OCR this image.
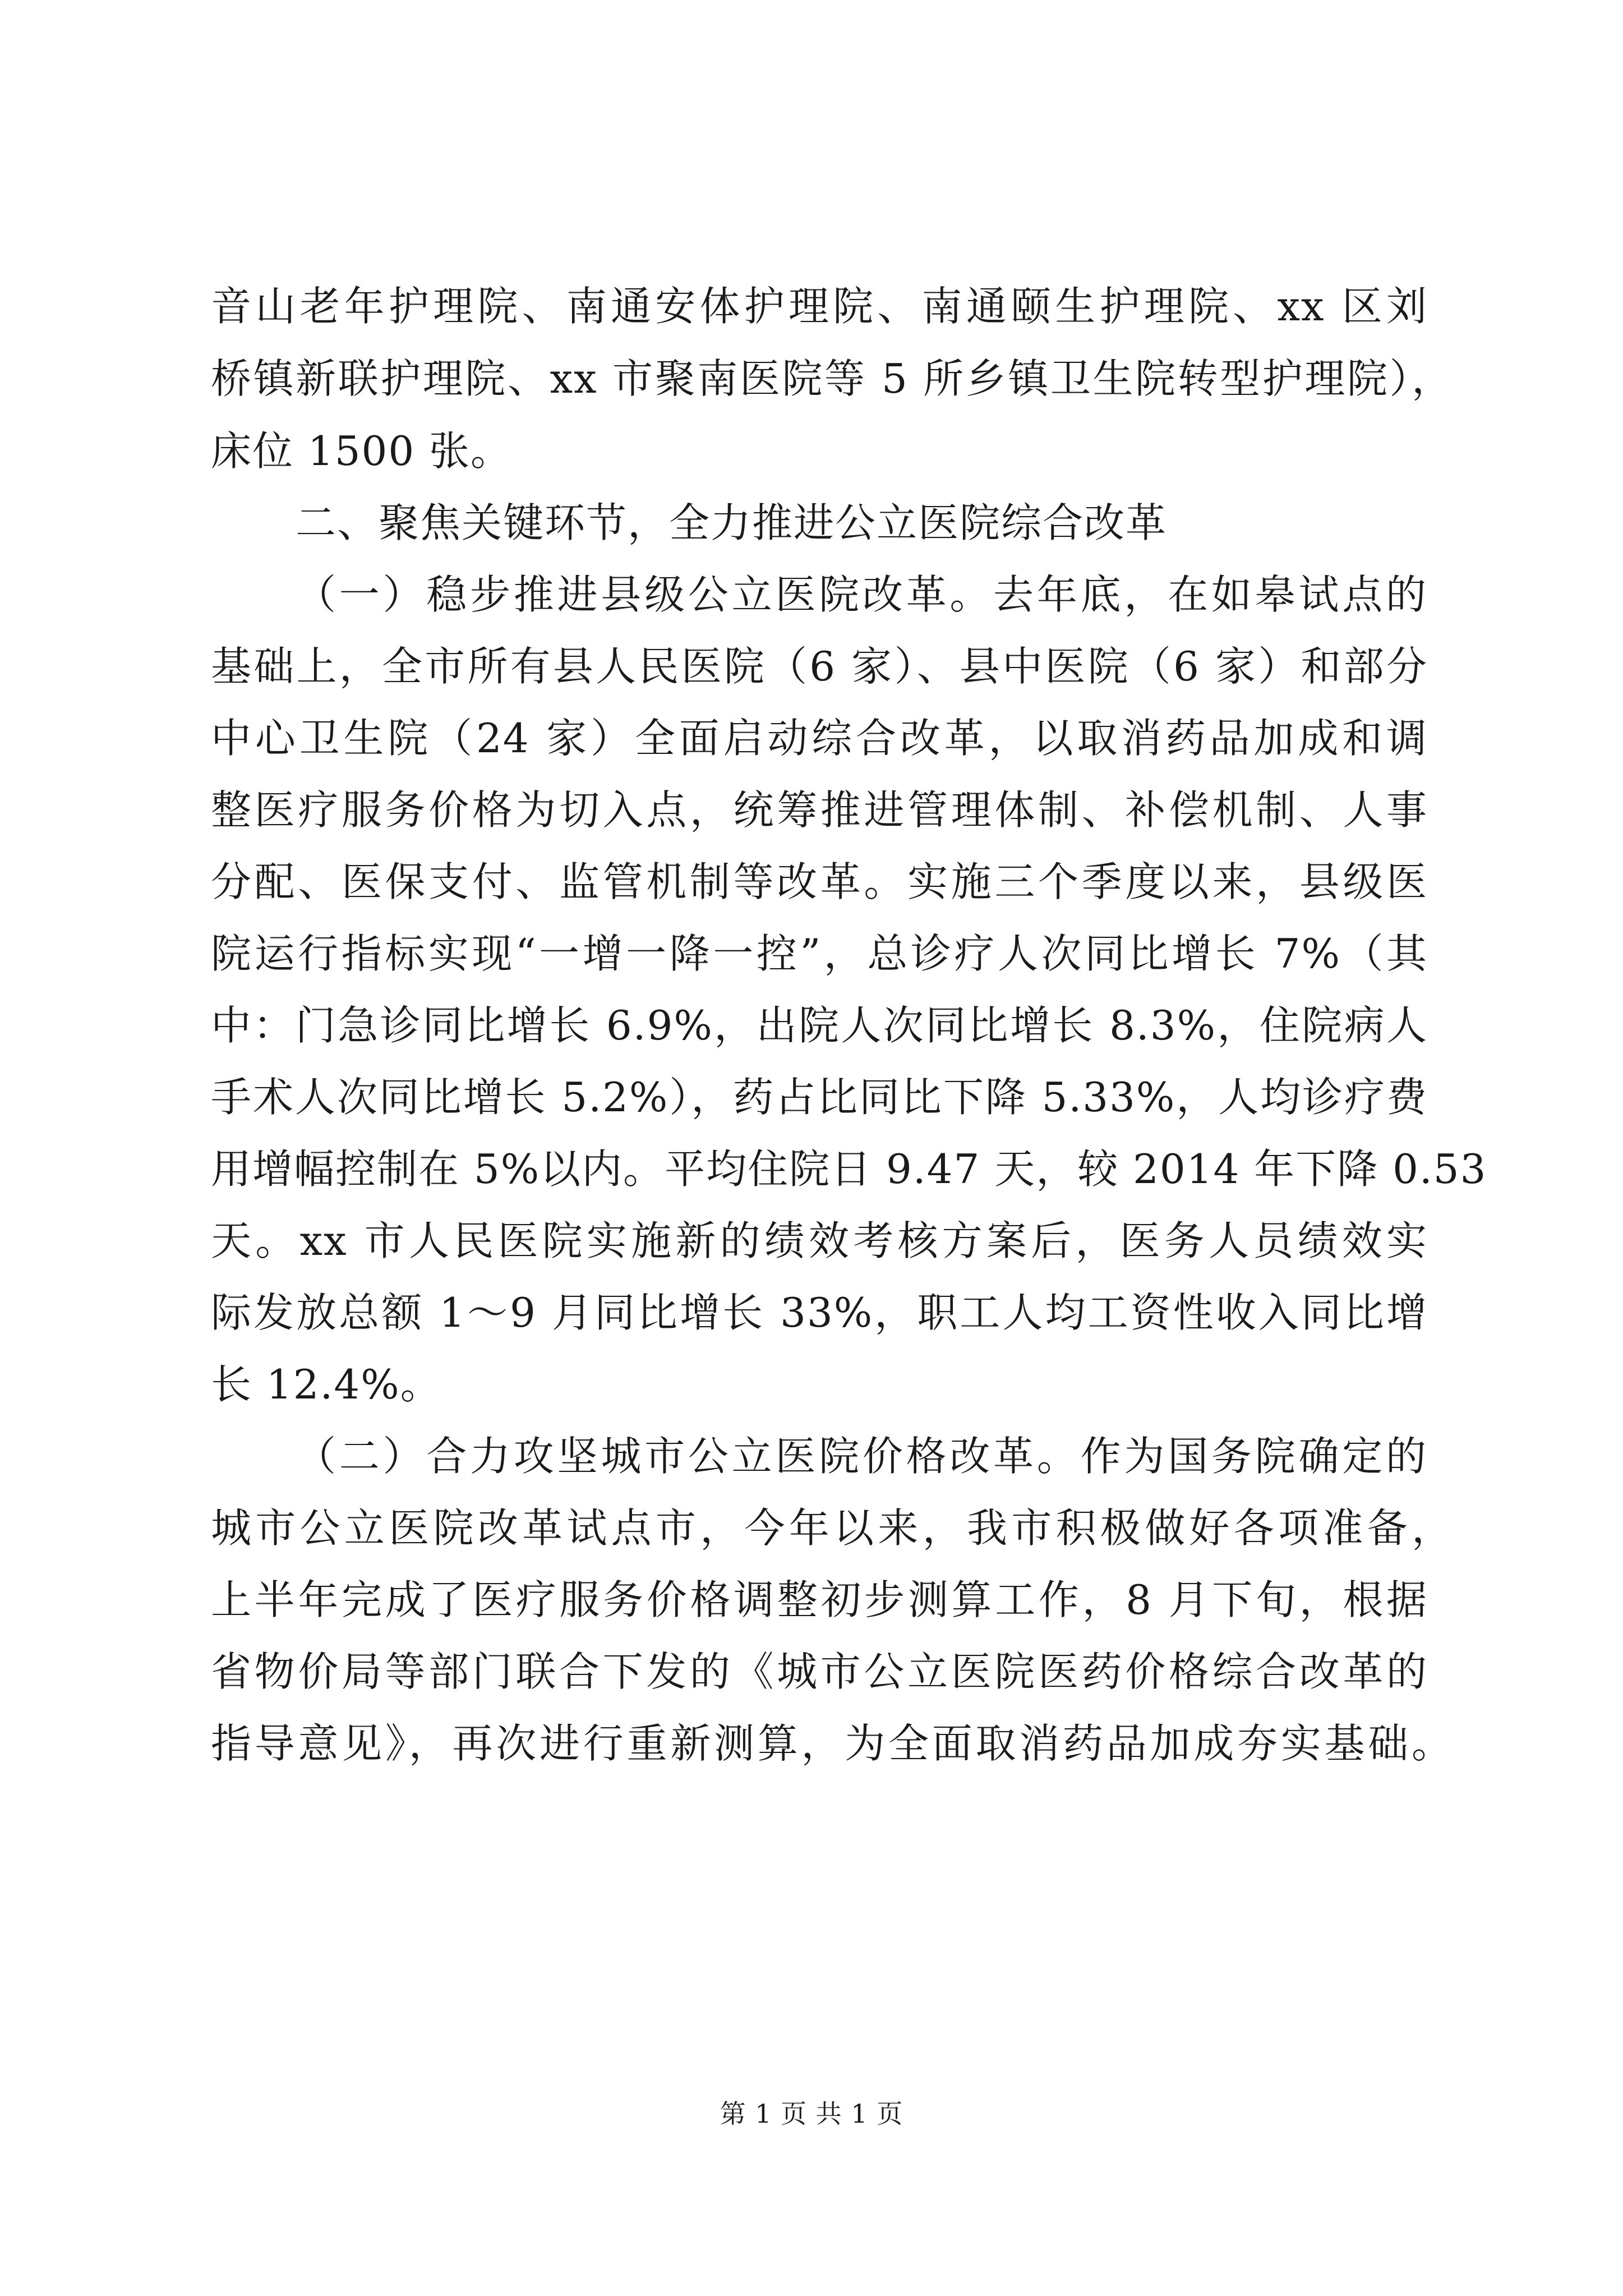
音山老年护理院、南通安体护理院、南通颐生护理院、xx 区刘

桥镇新联护理院、xx 市聚南医院等 5 所乡镇卫生院转型护理院），

床位 1500 张。

二、聚焦关键环节，全力推进公立医院综合改革

（一）稳步推进县级公立医院改革。去年底，在如皋试点的

基础上，全市所有县人民医院（6 家）、县中医院（6 家）和部分

中心卫生院（24 家）全面启动综合改革，以取消药品加成和调

整医疗服务价格为切入点，统筹推进管理体制、补偿机制、人事

分配、医保支付、监管机制等改革。实施三个季度以来，县级医

院运行指标实现“一增一降一控”，总诊疗人次同比增长 7%（其

中：门急诊同比增长 6.9%，出院人次同比增长 8.3%，住院病人

手术人次同比增长 5.2%），药占比同比下降 5.33%，人均诊疗费

用增幅控制在 5%以内。平均住院日 9.47 天，较 2014 年下降 0.53

天。xx 市人民医院实施新的绩效考核方案后，医务人员绩效实

际发放总额 1～9 月同比增长 33%，职工人均工资性收入同比增

长 12.4%。

（二）合力攻坚城市公立医院价格改革。作为国务院确定的

城市公立医院改革试点市，今年以来，我市积极做好各项准备，

上半年完成了医疗服务价格调整初步测算工作，8 月下旬，根据

省物价局等部门联合下发的《城市公立医院医药价格综合改革的

指导意见》，再次进行重新测算，为全面取消药品加成夯实基础。

第 1 页 共 1 页
